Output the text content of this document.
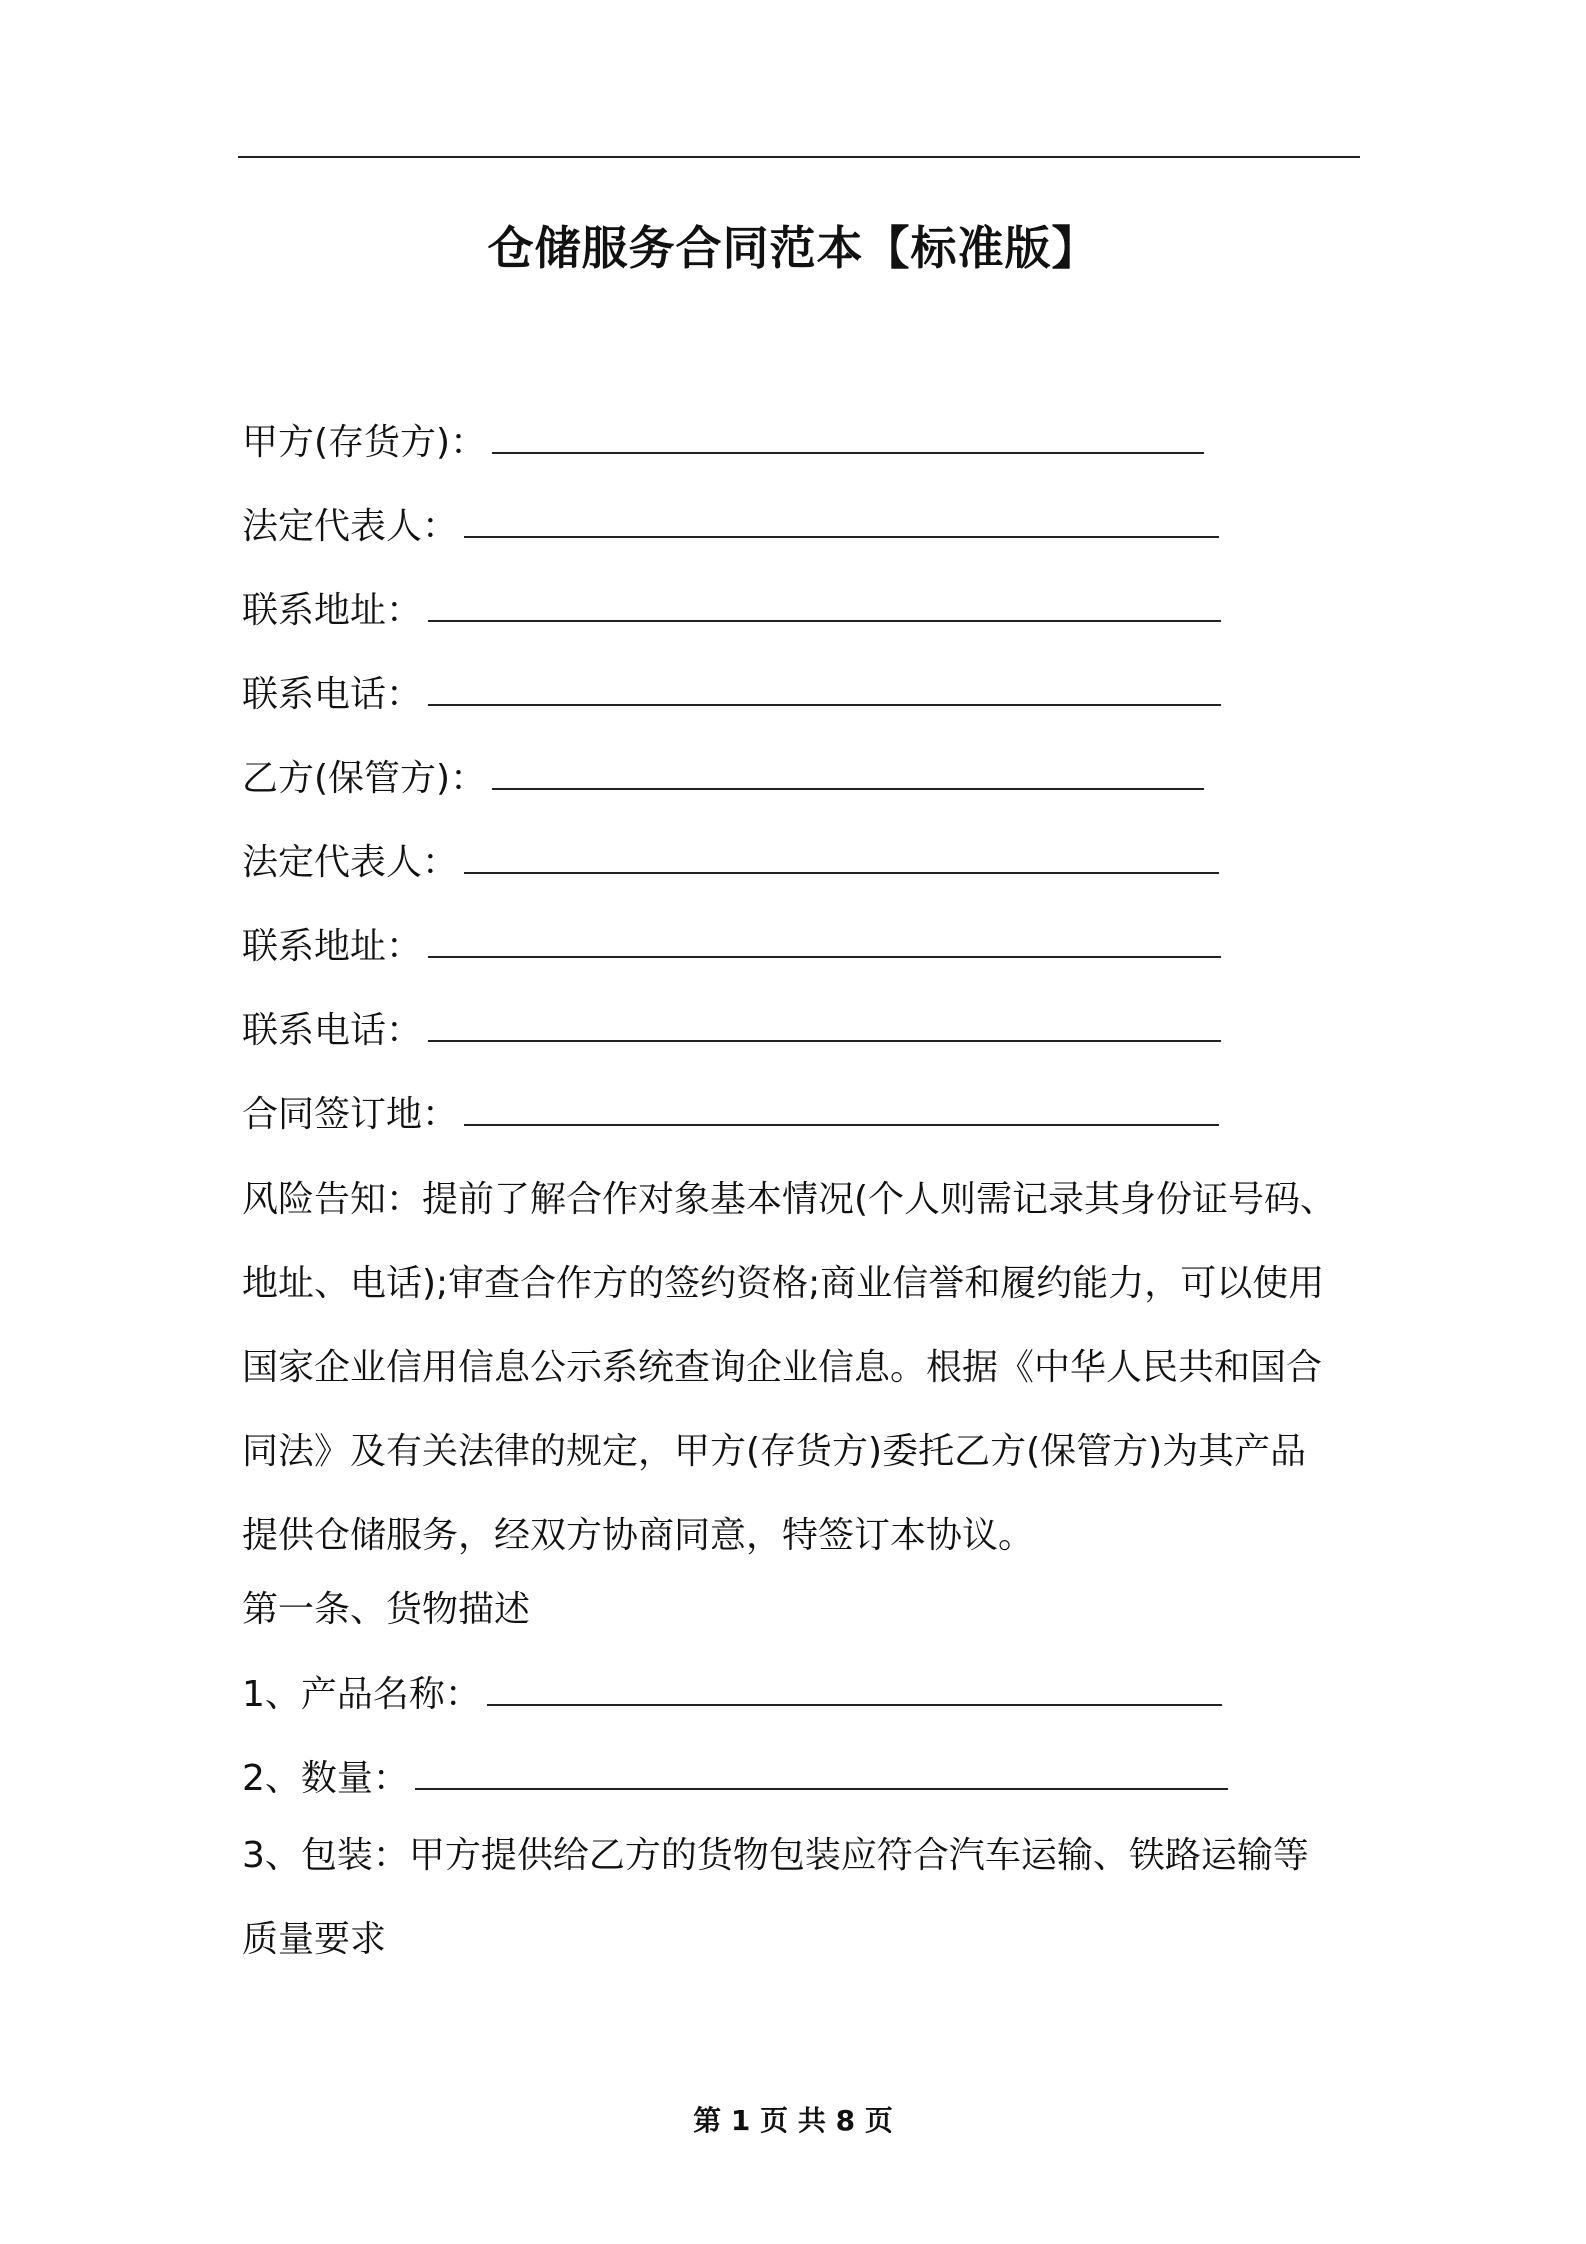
仓储服务合同范本【标准版】
甲方(存货方)：
法定代表人：
联系地址：
联系电话：
乙方(保管方)：
法定代表人：
联系地址：
联系电话：
合同签订地：
风险告知：提前了解合作对象基本情况(个人则需记录其身份证号码、
地址、电话);审查合作方的签约资格;商业信誉和履约能力，可以使用
国家企业信用信息公示系统查询企业信息。根据《中华人民共和国合
同法》及有关法律的规定，甲方(存货方)委托乙方(保管方)为其产品
提供仓储服务，经双方协商同意，特签订本协议。
第一条、货物描述
1、产品名称：
2、数量：
3、包装：甲方提供给乙方的货物包装应符合汽车运输、铁路运输等
质量要求
第 1 页 共 8 页
